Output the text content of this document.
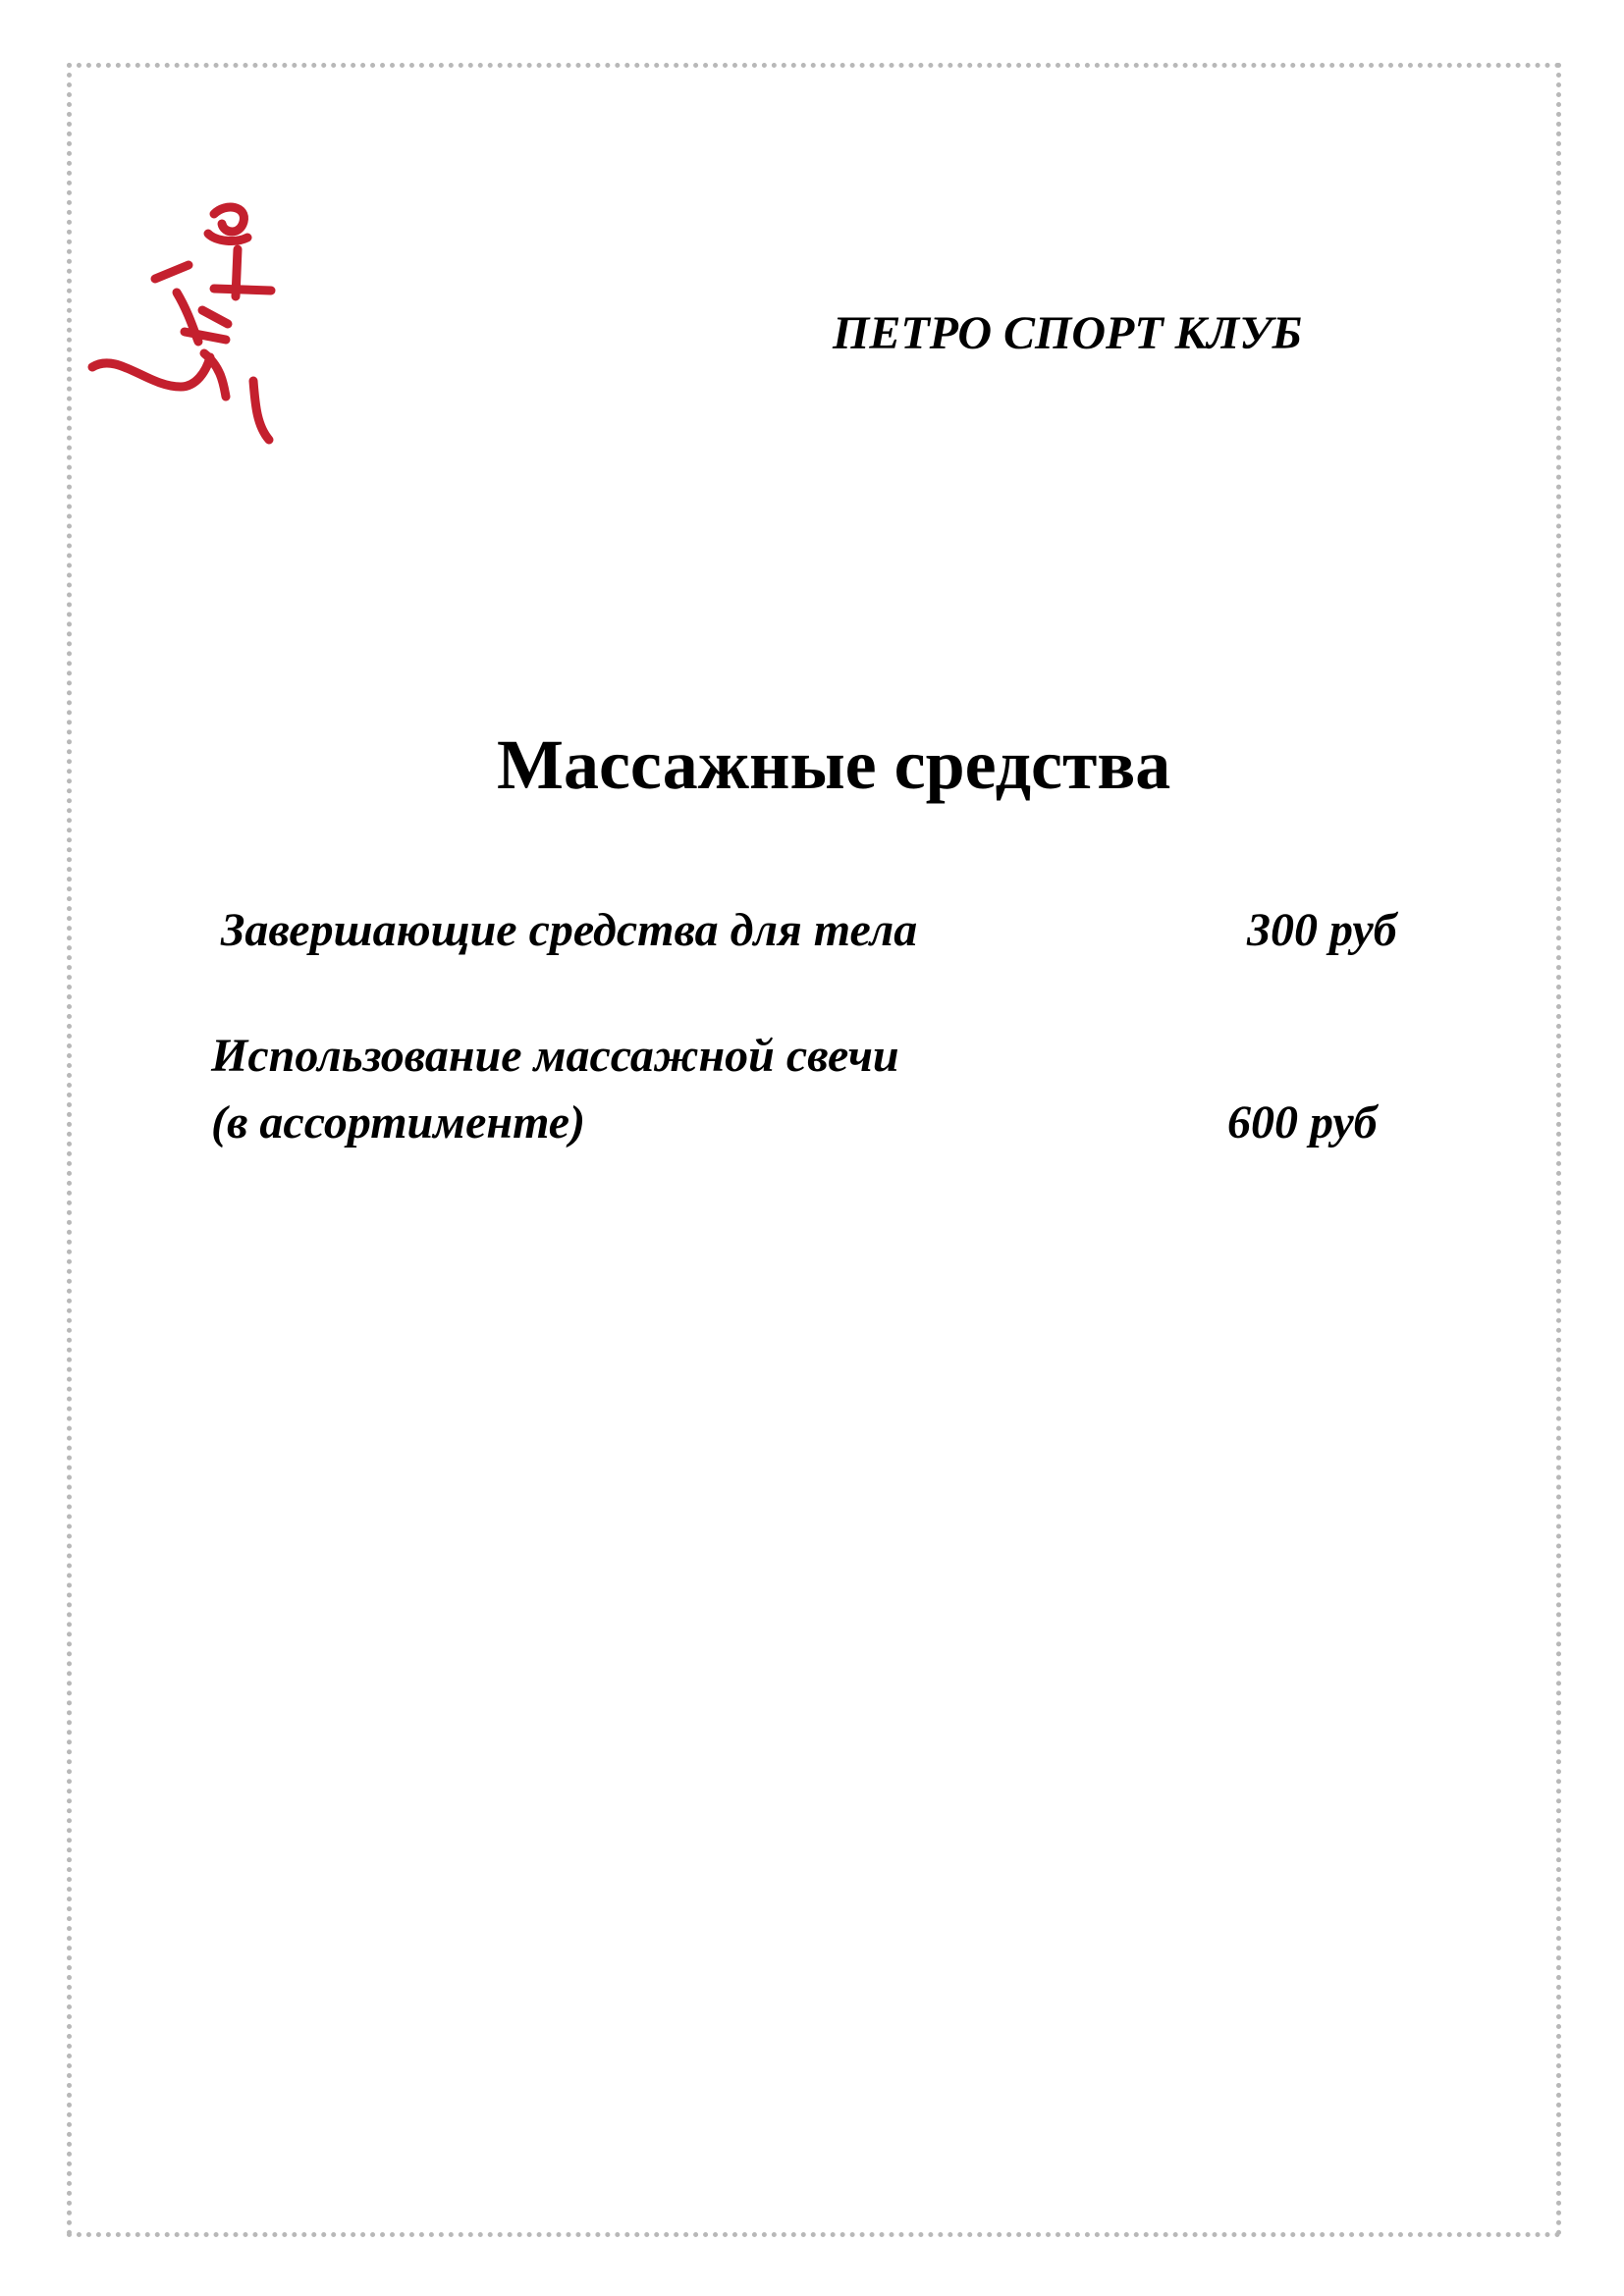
ПЕТРО СПОРТ КЛУБ
Массажные средства
Завершающие средства для тела	300 руб
Использование массажной свечи
(в ассортименте)	600 руб
